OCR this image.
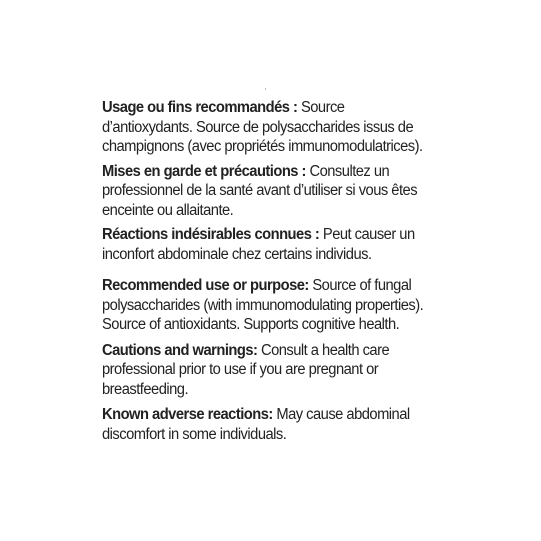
Usage ou fins recommandés : Source d’antioxydants. Source de polysaccharides issus de champignons (avec propriétés immunomodulatrices).

Mises en garde et précautions : Consultez un professionnel de la santé avant d’utiliser si vous êtes enceinte ou allaitante.

Réactions indésirables connues : Peut causer un inconfort abdominale chez certains individus.

Recommended use or purpose: Source of fungal polysaccharides (with immunomodulating properties). Source of antioxidants. Supports cognitive health.

Cautions and warnings: Consult a health care professional prior to use if you are pregnant or breastfeeding.

Known adverse reactions: May cause abdominal discomfort in some individuals.
